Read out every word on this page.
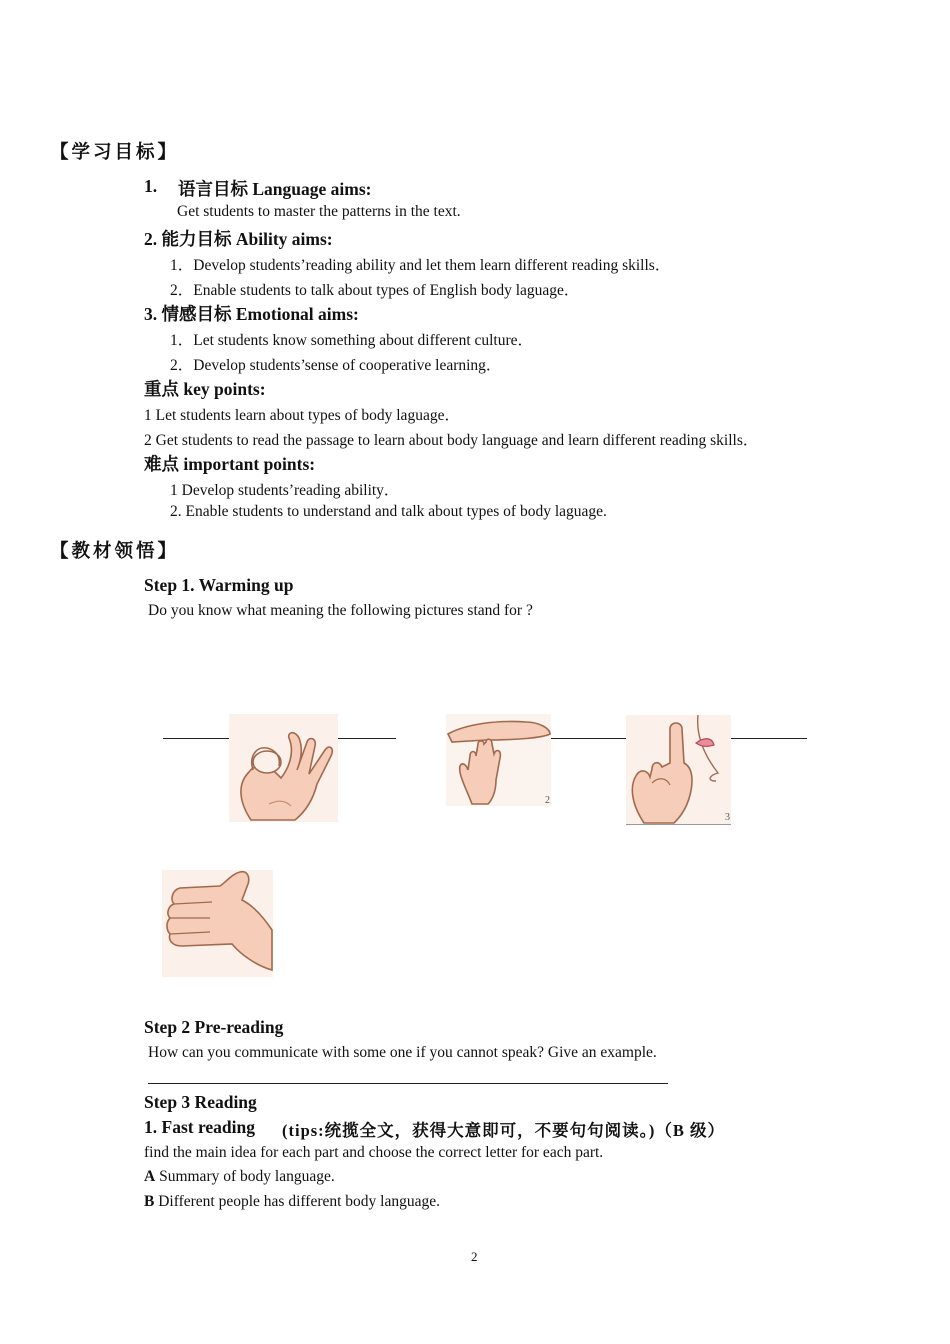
【学习目标】
1. 语言目标 Language aims:
Get students to master the patterns in the text.
2. 能力目标 Ability aims:
1．Develop students’reading ability and let them learn different reading skills．
2．Enable students to talk about types of English body laguage．
3. 情感目标 Emotional aims:
1．Let students know something about different culture．
2．Develop students’sense of cooperative learning．
重点 key points:
1 Let students learn about types of body laguage．
2 Get students to read the passage to learn about body language and learn different reading skills．
难点 important points:
1 Develop students’reading ability．
2. Enable students to understand and talk about types of body laguage.
【教材领悟】
Step 1. Warming up
Do you know what meaning the following pictures stand for ?
2
3
Step 2 Pre-reading
How can you communicate with some one if you cannot speak? Give an example.
Step 3 Reading
1. Fast reading (tips:统揽全文，获得大意即可，不要句句阅读。)（B 级）
find the main idea for each part and choose the correct letter for each part.
A Summary of body language.
B Different people has different body language.
2
